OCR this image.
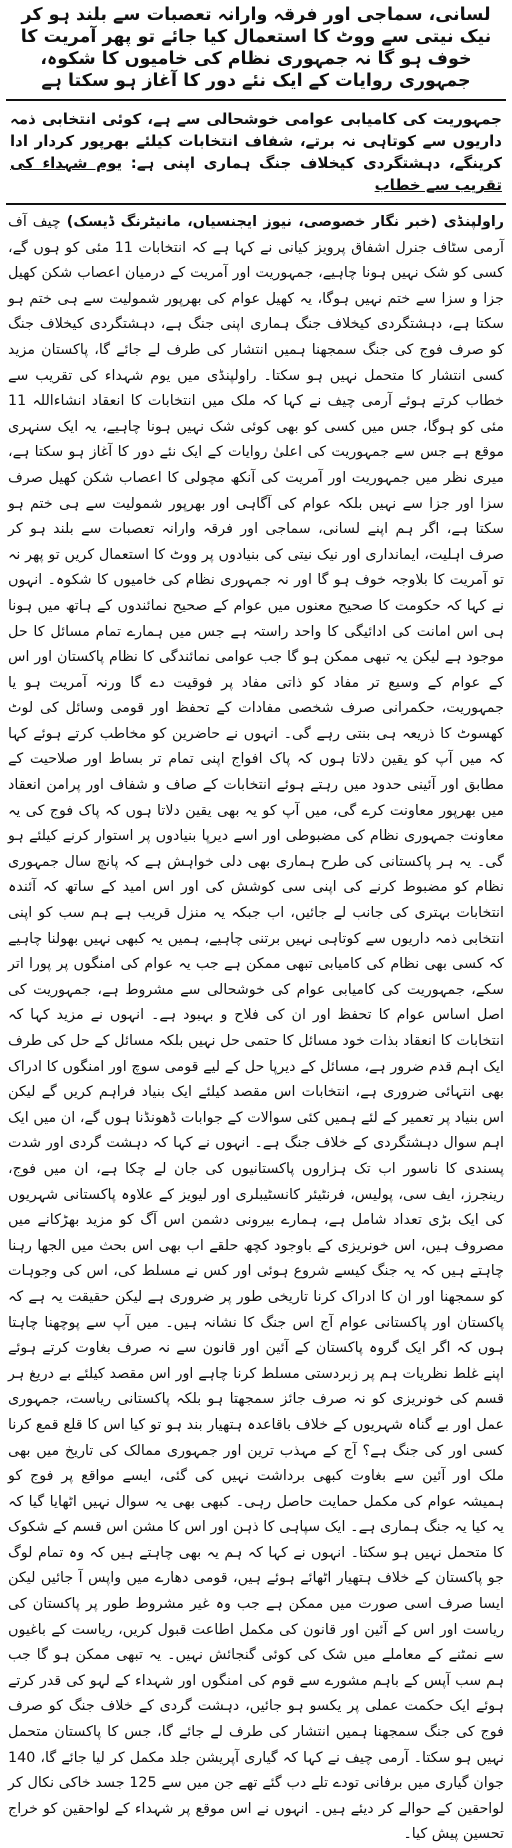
لسانی، سماجی اور فرقہ وارانہ تعصبات سے بلند ہو کر نیک نیتی سے ووٹ کا استعمال کیا جائے تو پھر آمریت کا خوف ہو گا نہ جمہوری نظام کی خامیوں کا شکوہ، جمہوری روایات کے ایک نئے دور کا آغاز ہو سکتا ہے
جمہوریت کی کامیابی عوامی خوشحالی سے ہے، کوئی انتخابی ذمہ داریوں سے کوتاہی نہ برتے، شفاف انتخابات کیلئے بھرپور کردار ادا کرینگے، دہشتگردی کیخلاف جنگ ہماری اپنی ہے: یوم شہداء کی تقریب سے خطاب
راولپنڈی (خبر نگار خصوصی، نیوز ایجنسیاں، مانیٹرنگ ڈیسک) چیف آف آرمی سٹاف جنرل اشفاق پرویز کیانی نے کہا ہے کہ انتخابات 11 مئی کو ہوں گے، کسی کو شک نہیں ہونا چاہیے، جمہوریت اور آمریت کے درمیان اعصاب شکن کھیل جزا و سزا سے ختم نہیں ہوگا، یہ کھیل عوام کی بھرپور شمولیت سے ہی ختم ہو سکتا ہے، دہشتگردی کیخلاف جنگ ہماری اپنی جنگ ہے، دہشتگردی کیخلاف جنگ کو صرف فوج کی جنگ سمجھنا ہمیں انتشار کی طرف لے جائے گا، پاکستان مزید کسی انتشار کا متحمل نہیں ہو سکتا۔ راولپنڈی میں یوم شہداء کی تقریب سے خطاب کرتے ہوئے آرمی چیف نے کہا کہ ملک میں انتخابات کا انعقاد انشاءاللہ 11 مئی کو ہوگا، جس میں کسی کو بھی کوئی شک نہیں ہونا چاہیے، یہ ایک سنہری موقع ہے جس سے جمہوریت کی اعلیٰ روایات کے ایک نئے دور کا آغاز ہو سکتا ہے، میری نظر میں جمہوریت اور آمریت کی آنکھ مچولی کا اعصاب شکن کھیل صرف سزا اور جزا سے نہیں بلکہ عوام کی آگاہی اور بھرپور شمولیت سے ہی ختم ہو سکتا ہے، اگر ہم اپنے لسانی، سماجی اور فرقہ وارانہ تعصبات سے بلند ہو کر صرف اہلیت، ایمانداری اور نیک نیتی کی بنیادوں پر ووٹ کا استعمال کریں تو پھر نہ تو آمریت کا بلاوجہ خوف ہو گا اور نہ جمہوری نظام کی خامیوں کا شکوہ۔ انہوں نے کہا کہ حکومت کا صحیح معنوں میں عوام کے صحیح نمائندوں کے ہاتھ میں ہونا ہی اس امانت کی ادائیگی کا واحد راستہ ہے جس میں ہمارے تمام مسائل کا حل موجود ہے لیکن یہ تبھی ممکن ہو گا جب عوامی نمائندگی کا نظام پاکستان اور اس کے عوام کے وسیع تر مفاد کو ذاتی مفاد پر فوقیت دے گا ورنہ آمریت ہو یا جمہوریت، حکمرانی صرف شخصی مفادات کے تحفظ اور قومی وسائل کی لوٹ کھسوٹ کا ذریعہ ہی بنتی رہے گی۔ انہوں نے حاضرین کو مخاطب کرتے ہوئے کہا کہ میں آپ کو یقین دلاتا ہوں کہ پاک افواج اپنی تمام تر بساط اور صلاحیت کے مطابق اور آئینی حدود میں رہتے ہوئے انتخابات کے صاف و شفاف اور پرامن انعقاد میں بھرپور معاونت کرے گی، میں آپ کو یہ بھی یقین دلاتا ہوں کہ پاک فوج کی یہ معاونت جمہوری نظام کی مضبوطی اور اسے دیرپا بنیادوں پر استوار کرنے کیلئے ہو گی۔ یہ ہر پاکستانی کی طرح ہماری بھی دلی خواہش ہے کہ پانچ سال جمہوری نظام کو مضبوط کرنے کی اپنی سی کوشش کی اور اس امید کے ساتھ کہ آئندہ انتخابات بہتری کی جانب لے جائیں، اب جبکہ یہ منزل قریب ہے ہم سب کو اپنی انتخابی ذمہ داریوں سے کوتاہی نہیں برتنی چاہیے، ہمیں یہ کبھی نہیں بھولنا چاہیے کہ کسی بھی نظام کی کامیابی تبھی ممکن ہے جب یہ عوام کی امنگوں پر پورا اتر سکے، جمہوریت کی کامیابی عوام کی خوشحالی سے مشروط ہے، جمہوریت کی اصل اساس عوام کا تحفظ اور ان کی فلاح و بہبود ہے۔ انہوں نے مزید کہا کہ انتخابات کا انعقاد بذات خود مسائل کا حتمی حل نہیں بلکہ مسائل کے حل کی طرف ایک اہم قدم ضرور ہے، مسائل کے دیرپا حل کے لیے قومی سوچ اور امنگوں کا ادراک بھی انتہائی ضروری ہے، انتخابات اس مقصد کیلئے ایک بنیاد فراہم کریں گے لیکن اس بنیاد پر تعمیر کے لئے ہمیں کئی سوالات کے جوابات ڈھونڈنا ہوں گے، ان میں ایک اہم سوال دہشتگردی کے خلاف جنگ ہے۔ انہوں نے کہا کہ دہشت گردی اور شدت پسندی کا ناسور اب تک ہزاروں پاکستانیوں کی جان لے چکا ہے، ان میں فوج، رینجرز، ایف سی، پولیس، فرنٹیئر کانسٹیبلری اور لیویز کے علاوہ پاکستانی شہریوں کی ایک بڑی تعداد شامل ہے، ہمارے بیرونی دشمن اس آگ کو مزید بھڑکانے میں مصروف ہیں، اس خونریزی کے باوجود کچھ حلقے اب بھی اس بحث میں الجھا رہنا چاہتے ہیں کہ یہ جنگ کیسے شروع ہوئی اور کس نے مسلط کی، اس کی وجوہات کو سمجھنا اور ان کا ادراک کرنا تاریخی طور پر ضروری ہے لیکن حقیقت یہ ہے کہ پاکستان اور پاکستانی عوام آج اس جنگ کا نشانہ ہیں۔ میں آپ سے پوچھنا چاہتا ہوں کہ اگر ایک گروہ پاکستان کے آئین اور قانون سے نہ صرف بغاوت کرتے ہوئے اپنے غلط نظریات ہم پر زبردستی مسلط کرنا چاہے اور اس مقصد کیلئے بے دریغ ہر قسم کی خونریزی کو نہ صرف جائز سمجھتا ہو بلکہ پاکستانی ریاست، جمہوری عمل اور بے گناہ شہریوں کے خلاف باقاعدہ ہتھیار بند ہو تو کیا اس کا قلع قمع کرنا کسی اور کی جنگ ہے؟ آج کے مہذب ترین اور جمہوری ممالک کی تاریخ میں بھی ملک اور آئین سے بغاوت کبھی برداشت نہیں کی گئی، ایسے مواقع پر فوج کو ہمیشہ عوام کی مکمل حمایت حاصل رہی۔ کبھی بھی یہ سوال نہیں اٹھایا گیا کہ یہ کیا یہ جنگ ہماری ہے۔ ایک سپاہی کا ذہن اور اس کا مشن اس قسم کے شکوک کا متحمل نہیں ہو سکتا۔ انہوں نے کہا کہ ہم یہ بھی چاہتے ہیں کہ وہ تمام لوگ جو پاکستان کے خلاف ہتھیار اٹھائے ہوئے ہیں، قومی دھارے میں واپس آ جائیں لیکن ایسا صرف اسی صورت میں ممکن ہے جب وہ غیر مشروط طور پر پاکستان کی ریاست اور اس کے آئین اور قانون کی مکمل اطاعت قبول کریں، ریاست کے باغیوں سے نمٹنے کے معاملے میں شک کی کوئی گنجائش نہیں۔ یہ تبھی ممکن ہو گا جب ہم سب آپس کے باہم مشورے سے قوم کی امنگوں اور شہداء کے لہو کی قدر کرتے ہوئے ایک حکمت عملی پر یکسو ہو جائیں، دہشت گردی کے خلاف جنگ کو صرف فوج کی جنگ سمجھنا ہمیں انتشار کی طرف لے جائے گا، جس کا پاکستان متحمل نہیں ہو سکتا۔ آرمی چیف نے کہا کہ گیاری آپریشن جلد مکمل کر لیا جائے گا، 140 جوان گیاری میں برفانی تودے تلے دب گئے تھے جن میں سے 125 جسد خاکی نکال کر لواحقین کے حوالے کر دیئے ہیں۔ انہوں نے اس موقع پر شہداء کے لواحقین کو خراج تحسین پیش کیا۔
